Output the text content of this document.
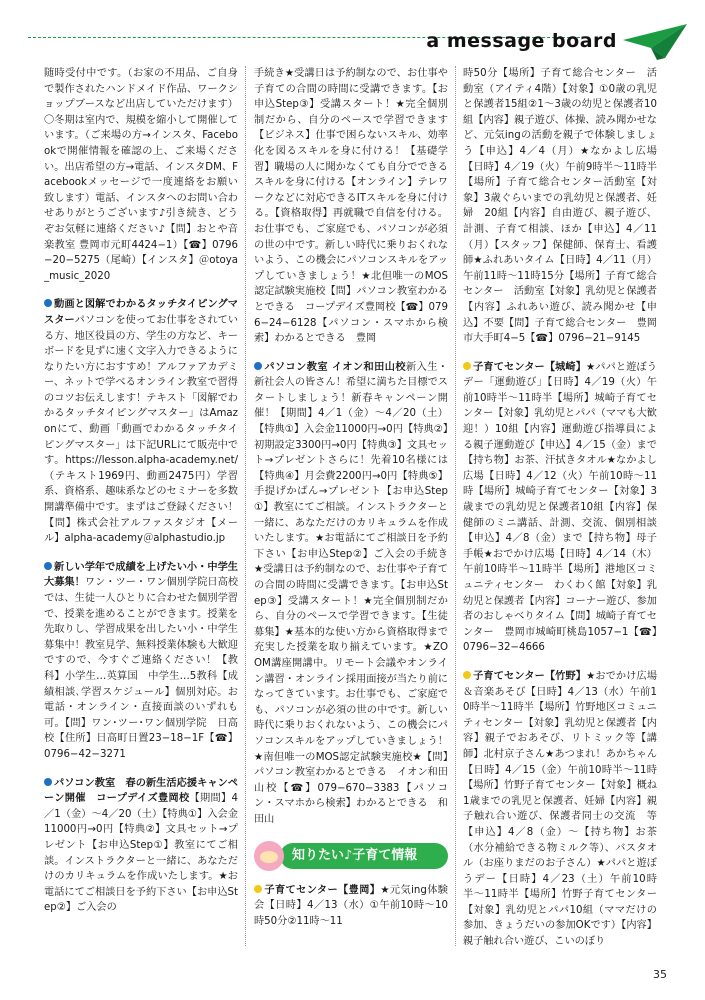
a message board

随時受付中です。（お家の不用品、ご自身で製作されたハンドメイド作品、ワークショップブースなど出店していただけます）〇冬期は室内で、規模を縮小して開催しています。（ご来場の方→インスタ、Facebookで開催情報を確認の上、ご来場ください。出店希望の方→電話、インスタDM、Facebookメッセージで一度連絡をお願い致します）電話、インスタへのお問い合わせありがとうございます♪引き続き、どうぞお気軽に連絡ください♪【問】おとや音楽教室 豊岡市元町4424−1）【☎】0796−20−5275（尾崎）【インスタ】＠otoya_music_2020

動画と図解でわかるタッチタイピングマスターパソコンを使ってお仕事をされている方、地区役員の方、学生の方など、キーボードを見ずに速く文字入力できるようになりたい方におすすめ！アルファアカデミー、ネットで学べるオンライン教室で習得のコツお伝えします！テキスト「図解でわかるタッチタイピングマスター」はAmazonにて、動画「動画でわかるタッチタイピングマスター」は下記URLにて販売中です。https://lesson.alpha-academy.net/（テキスト1969円、動画2475円）学習系、資格系、趣味系などのセミナーを多数開講準備中です。まずはご登録ください！【問】株式会社アルファスタジオ【メール】alpha-academy＠alphastudio.jp

新しい学年で成績を上げたい小・中学生大募集！ワン・ツー・ワン個別学院日高校では、生徒一人ひとりに合わせた個別学習で、授業を進めることができます。授業を先取りし、学習成果を出したい小・中学生募集中！教室見学、無料授業体験も大歓迎ですので、今すぐご連絡ください！【教科】小学生…英算国　中学生…5教科【成績相談､学習スケジュール】個別対応。お電話・オンライン・直接面談のいずれも可。【問】ワン･ツー･ワン個別学院　日高校【住所】日高町日置23−18−1F【☎】0796−42−3271

パソコン教室　春の新生活応援キャンペーン開催　コープデイズ豊岡校【期間】4／1（金）〜4／20（土）【特典①】入会金11000円→0円【特典②】文具セット→プレゼント【お申込Step①】教室にてご相談。インストラクターと一緒に、あなただけのカリキュラムを作成いたします。★お電話にてご相談日を予約下さい【お申込Step②】ご入会の

手続き★受講日は予約制なので、お仕事や子育ての合間の時間に受講できます。【お申込Step③】受講スタート！★完全個別制だから、自分のペースで学習できます【ビジネス】仕事で困らないスキル、効率化を図るスキルを身に付ける！【基礎学習】職場の人に聞かなくても自分でできるスキルを身に付ける【オンライン】テレワークなどに対応できるITスキルを身に付ける。【資格取得】再就職で自信を付ける。お仕事でも、ご家庭でも、パソコンが必須の世の中です。新しい時代に乗りおくれないよう、この機会にパソコンスキルをアップしていきましょう！★北但唯一のMOS認定試験実施校【問】パソコン教室わかるとできる　コープデイズ豊岡校【☎】0796−24−6128【パソコン・スマホから検索】わかるとできる　豊岡

パソコン教室 イオン和田山校新入生・新社会人の皆さん！希望に満ちた目標でスタートしましょう！新春キャンペーン開催！【期間】4／1（金）〜4／20（土）【特典①】入会金11000円→0円【特典②】初期設定3300円→0円【特典③】文具セット→プレゼントさらに！先着10名様には【特典④】月会費2200円→0円【特典⑤】手提げかばん→プレゼント【お申込Step①】教室にてご相談。インストラクターと一緒に、あなただけのカリキュラムを作成いたします。★お電話にてご相談日を予約下さい【お申込Step②】ご入会の手続き★受講日は予約制なので、お仕事や子育ての合間の時間に受講できます。【お申込Step③】受講スタート！★完全個別制だから、自分のペースで学習できます。【生徒募集】★基本的な使い方から資格取得まで充実した授業を取り揃えています。★ZOOM講座開講中。リモート会議やオンライン講習・オンライン採用面接が当たり前になってきています。お仕事でも、ご家庭でも、パソコンが必須の世の中です。新しい時代に乗りおくれないよう、この機会にパソコンスキルをアップしていきましょう！★南但唯一のMOS認定試験実施校★【問】パソコン教室わかるとできる　イオン和田山校【☎】079−670−3383【パソコン・スマホから検索】わかるとできる　和田山

知りたい♪子育て情報

子育てセンター【豊岡】★元気ing体験会【日時】4／13（水）①午前10時〜10時50分②11時〜11

時50分【場所】子育て総合センター　活動室（アイティ4階）【対象】①0歳の乳児と保護者15組②1〜3歳の幼児と保護者10組【内容】親子遊び、体操、読み聞かせなど、元気ingの活動を親子で体験しましょう【申込】4／4（月）★なかよし広場【日時】4／19（火）午前9時半〜11時半【場所】子育て総合センター活動室【対象】3歳ぐらいまでの乳幼児と保護者、妊婦　20組【内容】自由遊び、親子遊び、計測、子育て相談、ほか【申込】4／11（月）【スタッフ】保健師、保育士、看護師★ふれあいタイム【日時】4／11（月）午前11時〜11時15分【場所】子育て総合センター　活動室【対象】乳幼児と保護者【内容】ふれあい遊び、読み聞かせ【申込】不要【問】子育て総合センター　豊岡市大手町4−5【☎】0796−21−9145

子育てセンター【城崎】★パパと遊ぼうデー「運動遊び」【日時】4／19（火）午前10時半〜11時半【場所】城崎子育てセンター【対象】乳幼児とパパ（ママも大歓迎！）10組【内容】運動遊び指導員による親子運動遊び【申込】4／15（金）まで【持ち物】お茶、汗拭きタオル★なかよし広場【日時】4／12（火）午前10時〜11時【場所】城崎子育てセンター【対象】3歳までの乳幼児と保護者10組【内容】保健師のミニ講話、計測、交流、個別相談【申込】4／8（金）まで【持ち物】母子手帳★おでかけ広場【日時】4／14（木）午前10時半〜11時半【場所】港地区コミュニティセンター　わくわく館【対象】乳幼児と保護者【内容】コーナー遊び、参加者のおしゃべりタイム【問】城崎子育てセンター　豊岡市城崎町桃島1057−1【☎】0796−32−4666

子育てセンター【竹野】★おでかけ広場＆音楽あそび【日時】4／13（水）午前10時半〜11時半【場所】竹野地区コミュニティセンター【対象】乳幼児と保護者【内容】親子でおあそび、リトミック等【講師】北村京子さん★あつまれ！あかちゃん【日時】4／15（金）午前10時半〜11時【場所】竹野子育てセンター【対象】概ね1歳までの乳児と保護者、妊婦【内容】親子触れ合い遊び、保護者同士の交流　等【申込】4／8（金）〜【持ち物】お茶（水分補給できる物ミルク等）、バスタオル（お座りまだのお子さん）★パパと遊ぼうデー【日時】4／23（土）午前10時半〜11時半【場所】竹野子育てセンター【対象】乳幼児とパパ10組（ママだけの参加、きょうだいの参加OKです）【内容】親子触れ合い遊び、こいのぼり

35
